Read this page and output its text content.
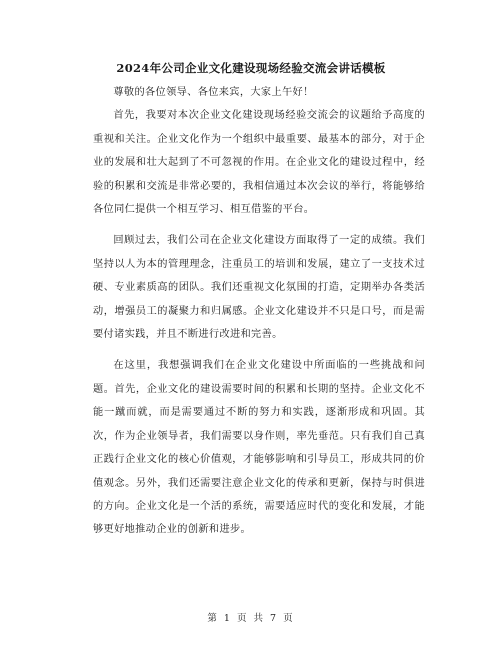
2024年公司企业文化建设现场经验交流会讲话模板

尊敬的各位领导、各位来宾，大家上午好！

首先，我要对本次企业文化建设现场经验交流会的议题给予高度的重视和关注。企业文化作为一个组织中最重要、最基本的部分，对于企业的发展和壮大起到了不可忽视的作用。在企业文化的建设过程中，经验的积累和交流是非常必要的，我相信通过本次会议的举行，将能够给各位同仁提供一个相互学习、相互借鉴的平台。

回顾过去，我们公司在企业文化建设方面取得了一定的成绩。我们坚持以人为本的管理理念，注重员工的培训和发展，建立了一支技术过硬、专业素质高的团队。我们还重视文化氛围的打造，定期举办各类活动，增强员工的凝聚力和归属感。企业文化建设并不只是口号，而是需要付诸实践，并且不断进行改进和完善。

在这里，我想强调我们在企业文化建设中所面临的一些挑战和问题。首先，企业文化的建设需要时间的积累和长期的坚持。企业文化不能一蹴而就，而是需要通过不断的努力和实践，逐渐形成和巩固。其次，作为企业领导者，我们需要以身作则，率先垂范。只有我们自己真正践行企业文化的核心价值观，才能够影响和引导员工，形成共同的价值观念。另外，我们还需要注意企业文化的传承和更新，保持与时俱进的方向。企业文化是一个活的系统，需要适应时代的变化和发展，才能够更好地推动企业的创新和进步。

第 1 页 共 7 页
